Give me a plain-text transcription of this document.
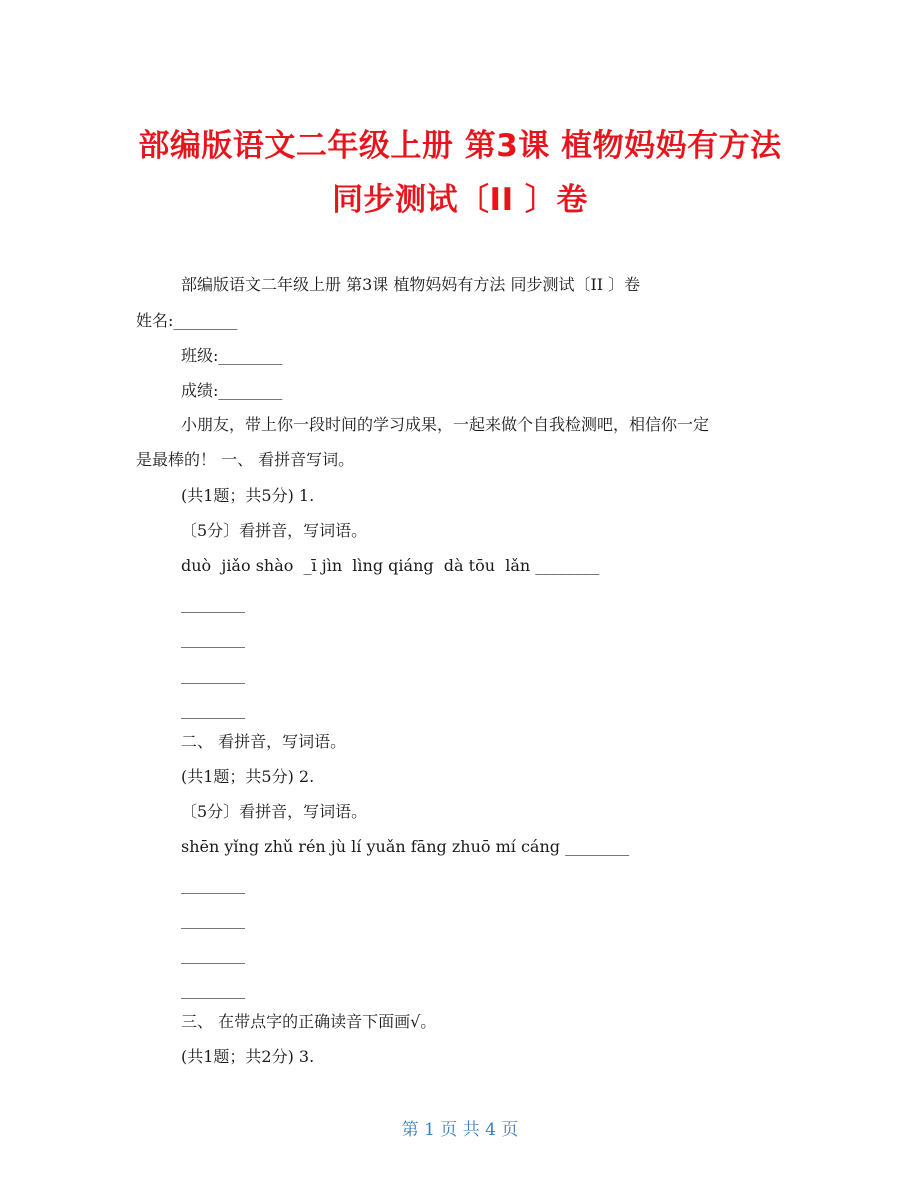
部编版语文二年级上册 第3课 植物妈妈有方法
同步测试〔II 〕卷
部编版语文二年级上册 第3课 植物妈妈有方法 同步测试〔II 〕卷
姓名:________
班级:________
成绩:________
小朋友，带上你一段时间的学习成果，一起来做个自我检测吧，相信你一定
是最棒的！ 一、 看拼音写词。
(共1题；共5分) 1.
〔5分〕看拼音，写词语。
duò  jiǎo shào  _ī jìn  lìng qiáng  dà tōu  lǎn ________
________
________
________
________
二、 看拼音，写词语。
(共1题；共5分) 2.
〔5分〕看拼音，写词语。
shēn yǐng zhǔ rén jù lí yuǎn fāng zhuō mí cáng ________
________
________
________
________
三、 在带点字的正确读音下面画√。
(共1题；共2分) 3.
第 1 页 共 4 页
